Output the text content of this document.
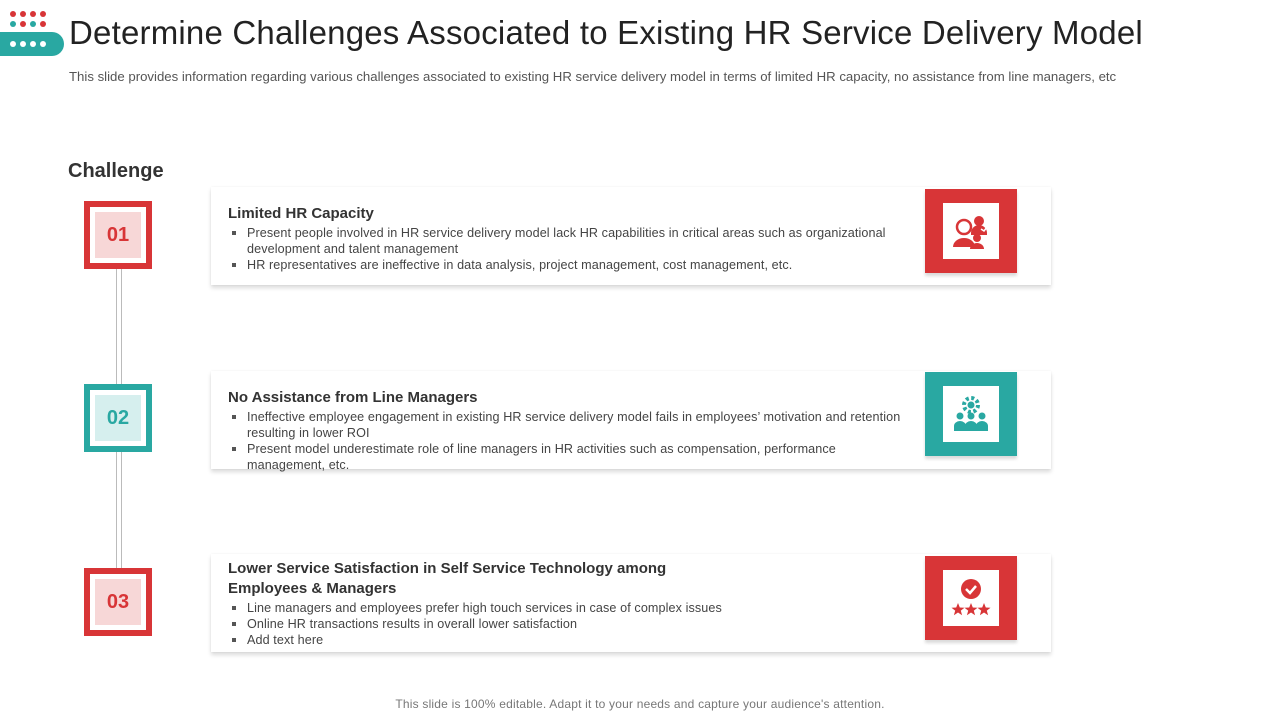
Determine Challenges Associated to Existing HR Service Delivery Model

This slide provides information regarding various challenges associated to existing HR service delivery model in terms of limited HR capacity, no assistance from line managers, etc

Challenge
01
Limited HR Capacity
Present people involved in HR service delivery model lack HR capabilities in critical areas such as organizational development and talent management
HR representatives are ineffective in data analysis, project management, cost management, etc.
02
No Assistance from Line Managers
Ineffective employee engagement in existing HR service delivery model fails in employees’ motivation and retention resulting in lower ROI
Present model underestimate role of line managers in HR activities such as compensation, performance management, etc.
03
Lower Service Satisfaction in Self Service Technology among Employees & Managers
Line managers and employees prefer high touch services in case of complex issues
Online HR transactions results in overall lower satisfaction
Add text here

This slide is 100% editable. Adapt it to your needs and capture your audience's attention.
